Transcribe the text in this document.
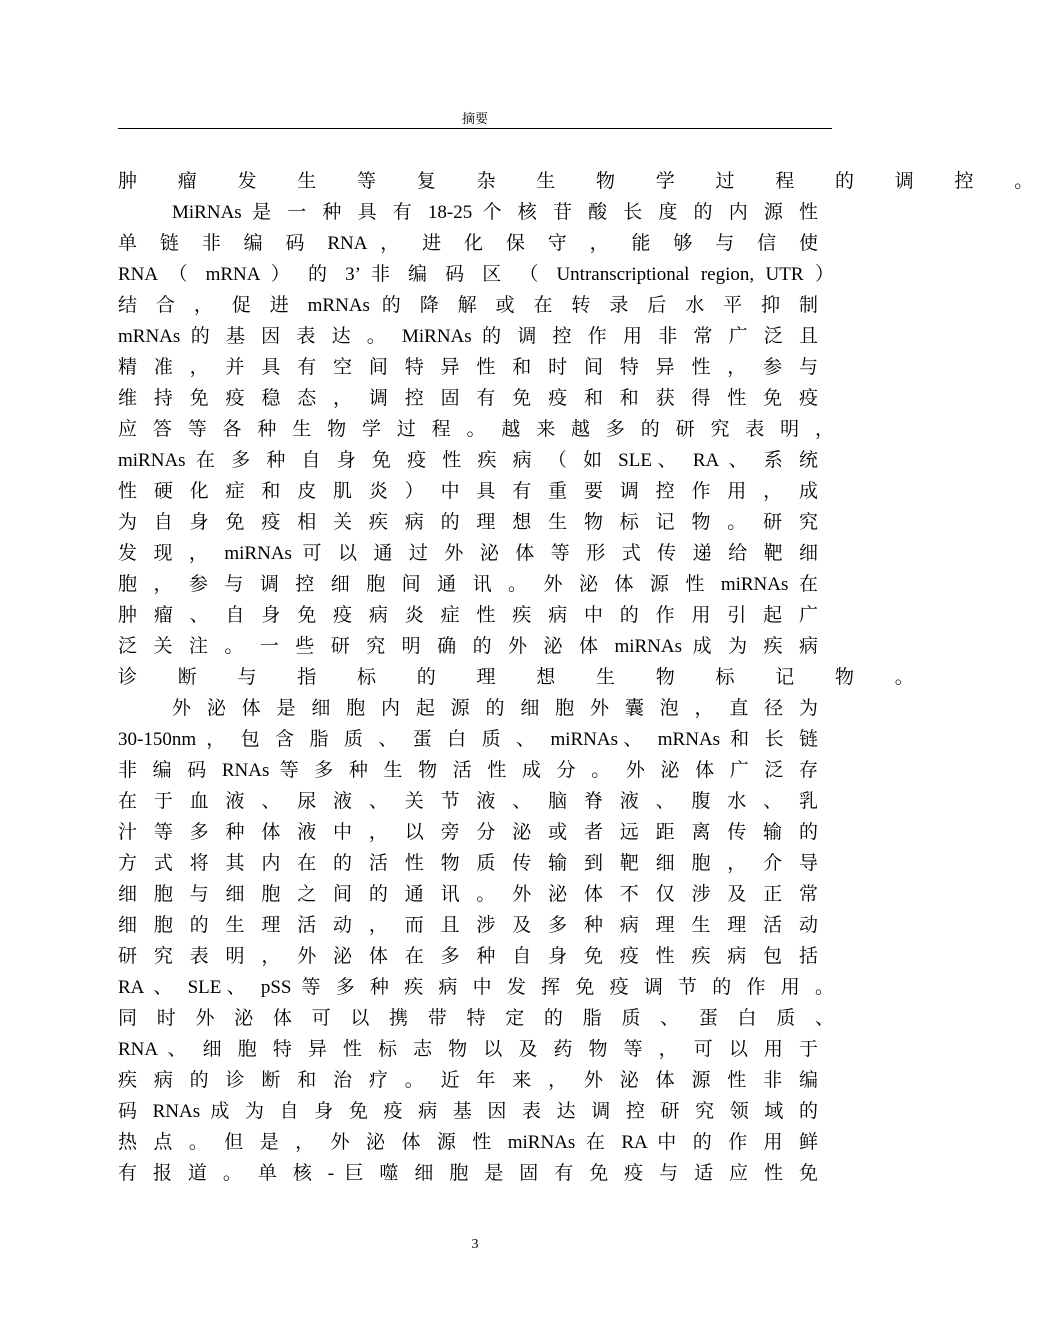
摘要
肿 瘤 发 生 等 复 杂 生 物 学 过 程 的 调 控 。
MiRNAs 是 一 种 具 有 18-25 个 核 苷 酸 长 度 的 内 源 性
单 链 非 编 码 RNA ， 进 化 保 守 ， 能 够 与 信 使
RNA （ mRNA ） 的 3’ 非 编 码 区 （ Untranscriptional region, UTR ）
结 合 ， 促 进 mRNAs 的 降 解 或 在 转 录 后 水 平 抑 制
mRNAs 的 基 因 表 达 。 MiRNAs 的 调 控 作 用 非 常 广 泛 且
精 准 ， 并 具 有 空 间 特 异 性 和 时 间 特 异 性 ， 参 与
维 持 免 疫 稳 态 ， 调 控 固 有 免 疫 和 和 获 得 性 免 疫
应 答 等 各 种 生 物 学 过 程 。 越 来 越 多 的 研 究 表 明 ，
miRNAs 在 多 种 自 身 免 疫 性 疾 病 （ 如 SLE、 RA 、 系 统
性 硬 化 症 和 皮 肌 炎 ） 中 具 有 重 要 调 控 作 用 ， 成
为 自 身 免 疫 相 关 疾 病 的 理 想 生 物 标 记 物 。 研 究
发 现 ， miRNAs 可 以 通 过 外 泌 体 等 形 式 传 递 给 靶 细
胞 ， 参 与 调 控 细 胞 间 通 讯 。 外 泌 体 源 性 miRNAs 在
肿 瘤 、 自 身 免 疫 病 炎 症 性 疾 病 中 的 作 用 引 起 广
泛 关 注 。 一 些 研 究 明 确 的 外 泌 体 miRNAs 成 为 疾 病
诊 断 与 指 标 的 理 想 生 物 标 记 物 。
外 泌 体 是 细 胞 内 起 源 的 细 胞 外 囊 泡 ， 直 径 为
30-150nm ， 包 含 脂 质 、 蛋 白 质 、 miRNAs、 mRNAs 和 长 链
非 编 码 RNAs 等 多 种 生 物 活 性 成 分 。 外 泌 体 广 泛 存
在 于 血 液 、 尿 液 、 关 节 液 、 脑 脊 液 、 腹 水 、 乳
汁 等 多 种 体 液 中 ， 以 旁 分 泌 或 者 远 距 离 传 输 的
方 式 将 其 内 在 的 活 性 物 质 传 输 到 靶 细 胞 ， 介 导
细 胞 与 细 胞 之 间 的 通 讯 。 外 泌 体 不 仅 涉 及 正 常
细 胞 的 生 理 活 动 ， 而 且 涉 及 多 种 病 理 生 理 活 动
研 究 表 明 ， 外 泌 体 在 多 种 自 身 免 疫 性 疾 病 包 括
RA 、 SLE、 pSS 等 多 种 疾 病 中 发 挥 免 疫 调 节 的 作 用 。
同 时 外 泌 体 可 以 携 带 特 定 的 脂 质 、 蛋 白 质 、
RNA 、 细 胞 特 异 性 标 志 物 以 及 药 物 等 ， 可 以 用 于
疾 病 的 诊 断 和 治 疗 。 近 年 来 ， 外 泌 体 源 性 非 编
码 RNAs 成 为 自 身 免 疫 病 基 因 表 达 调 控 研 究 领 域 的
热 点 。 但 是 ， 外 泌 体 源 性 miRNAs 在 RA 中 的 作 用 鲜
有 报 道 。 单 核 - 巨 噬 细 胞 是 固 有 免 疫 与 适 应 性 免
3
